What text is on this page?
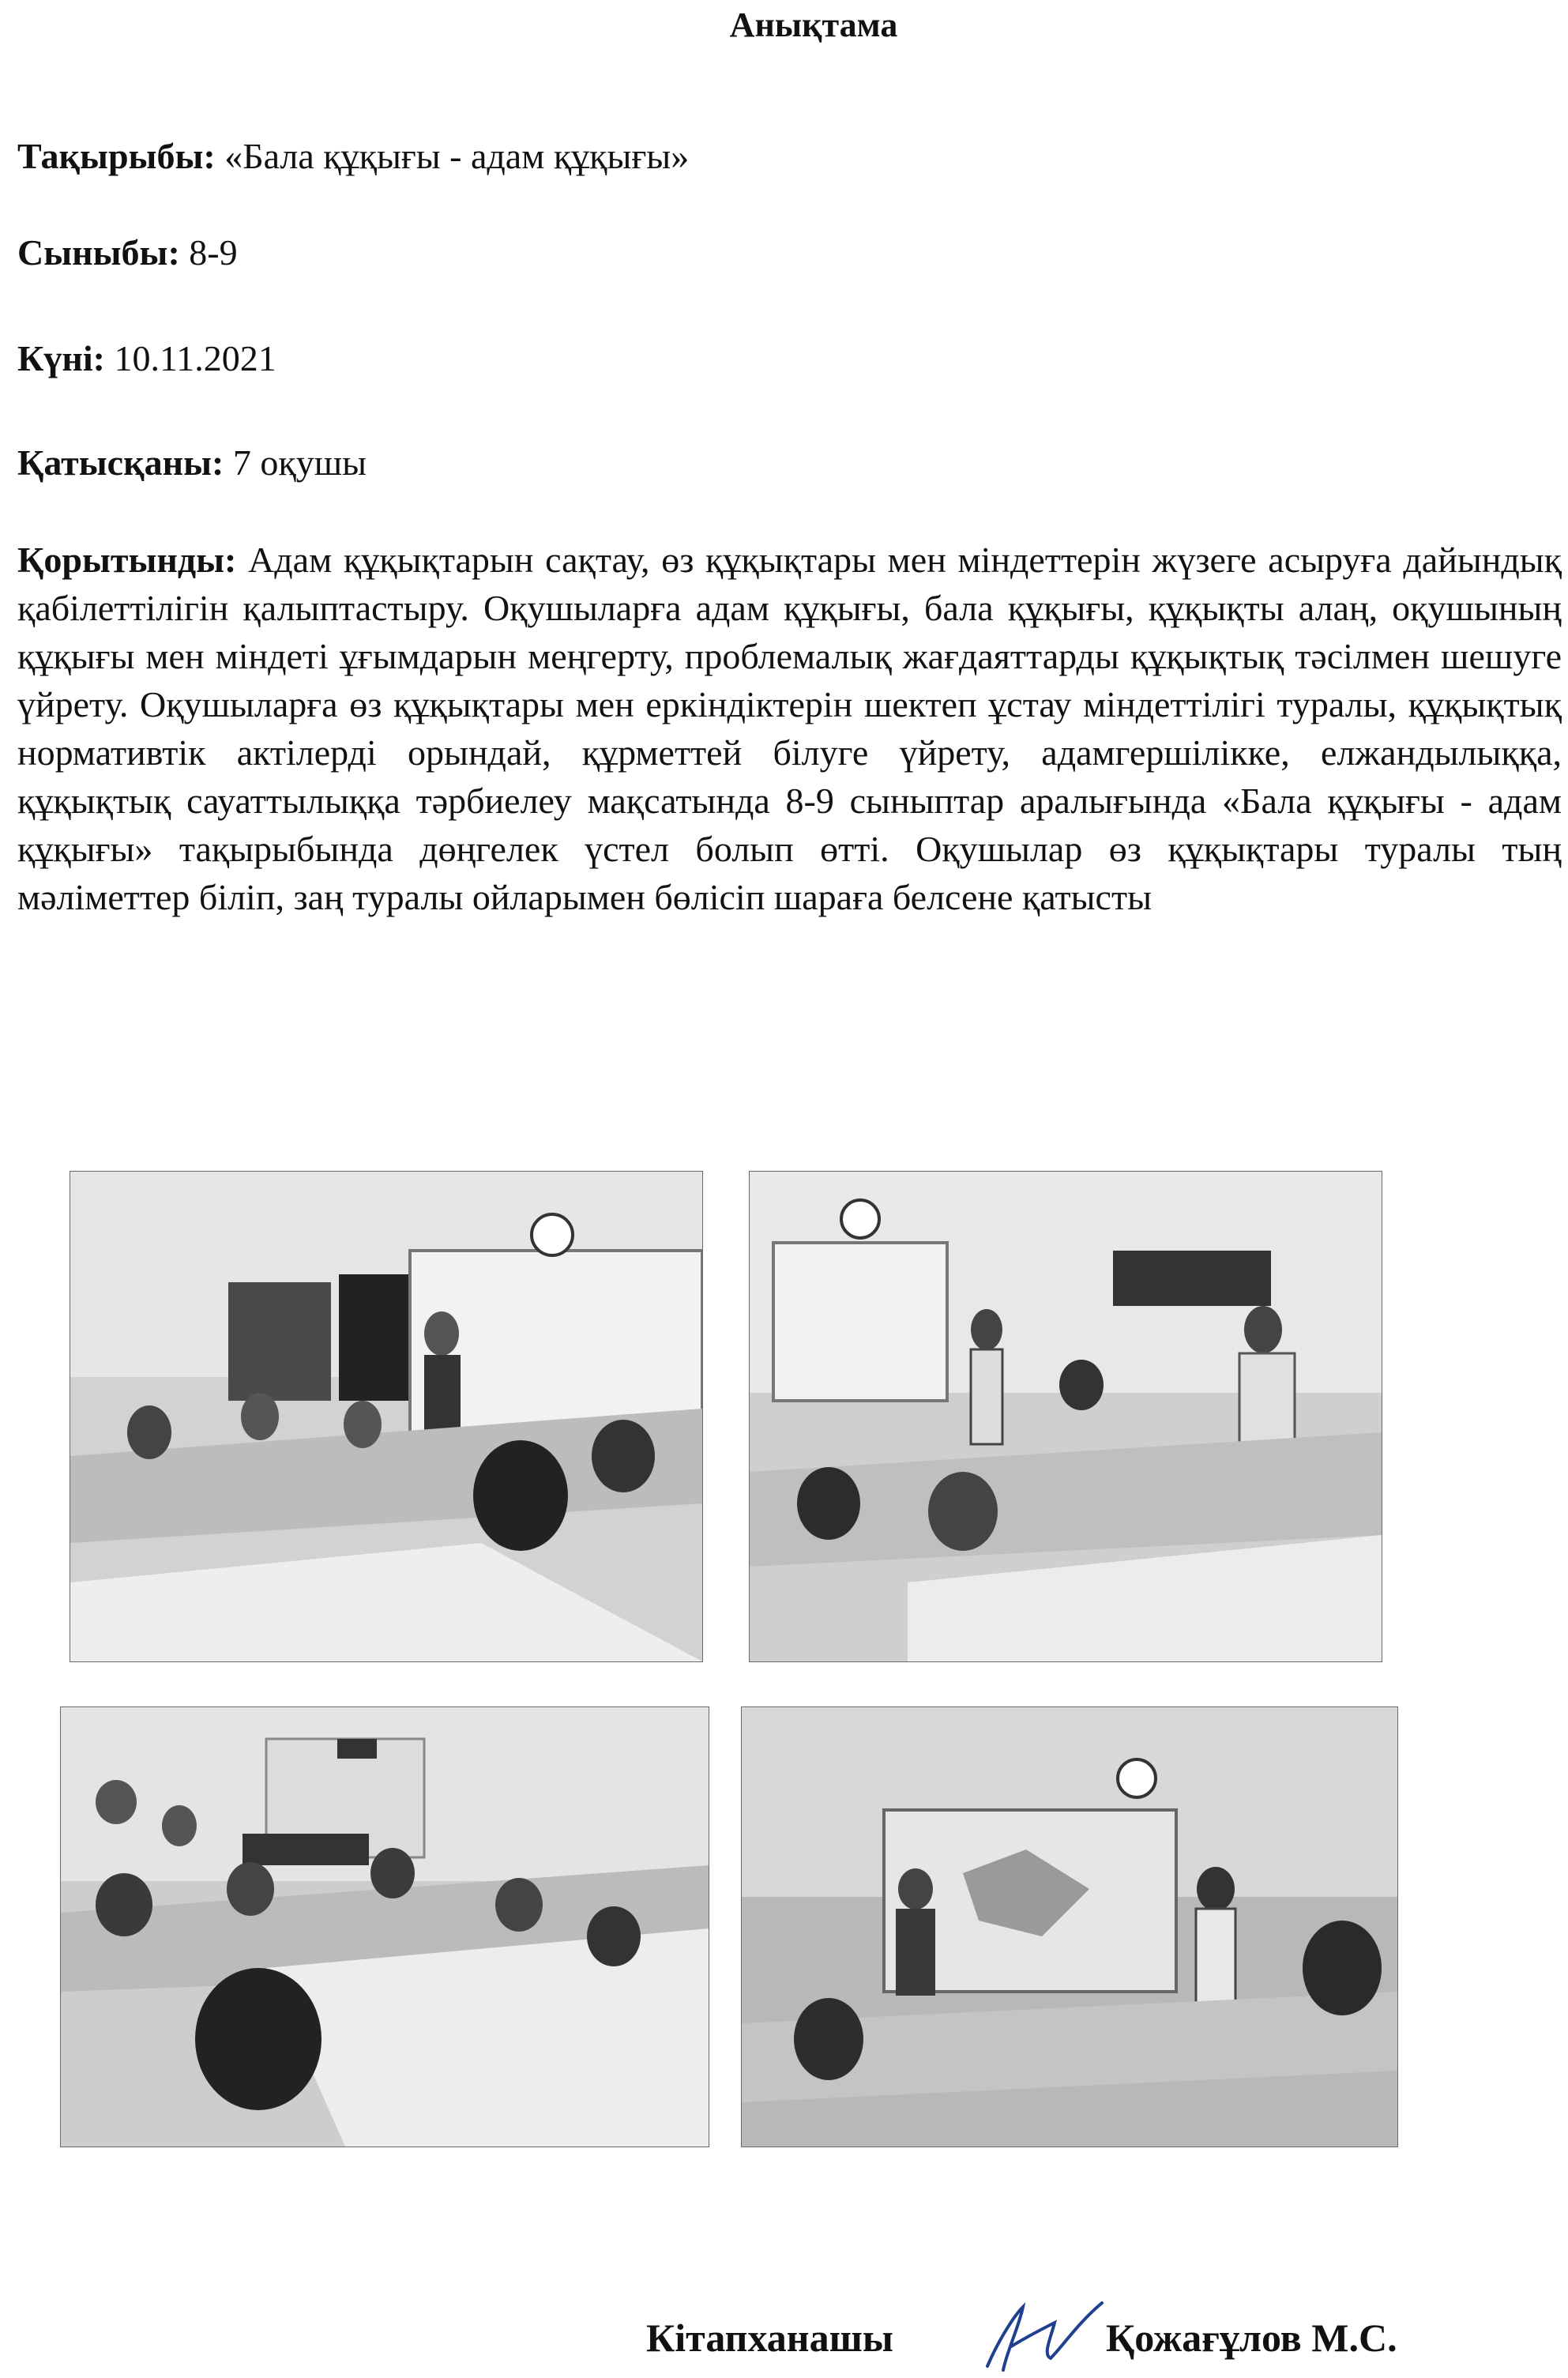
Анықтама
Тақырыбы: «Бала құқығы - адам құқығы»
Сыныбы: 8-9
Күні: 10.11.2021
Қатысқаны: 7 оқушы
Қорытынды: Адам құқықтарын сақтау, өз құқықтары мен міндеттерін жүзеге асыруға дайындық қабілеттілігін қалыптастыру. Оқушыларға адам құқығы, бала құқығы, құқықты алаң, оқушының құқығы мен міндеті ұғымдарын меңгерту, проблемалық жағдаяттарды құқықтық тәсілмен шешуге үйрету. Оқушыларға өз құқықтары мен еркіндіктерін шектеп ұстау міндеттілігі туралы, құқықтық нормативтік актілерді орындай, құрметтей білуге үйрету, адамгершілікке, елжандылыққа, құқықтық сауаттылыққа тәрбиелеу мақсатында 8-9 сыныптар аралығында «Бала құқығы - адам құқығы» тақырыбында дөңгелек үстел болып өтті. Оқушылар өз құқықтары туралы тың мәліметтер біліп, заң туралы ойларымен бөлісіп шараға белсене қатысты
Кітапханашы	Қожағұлов М.С.
